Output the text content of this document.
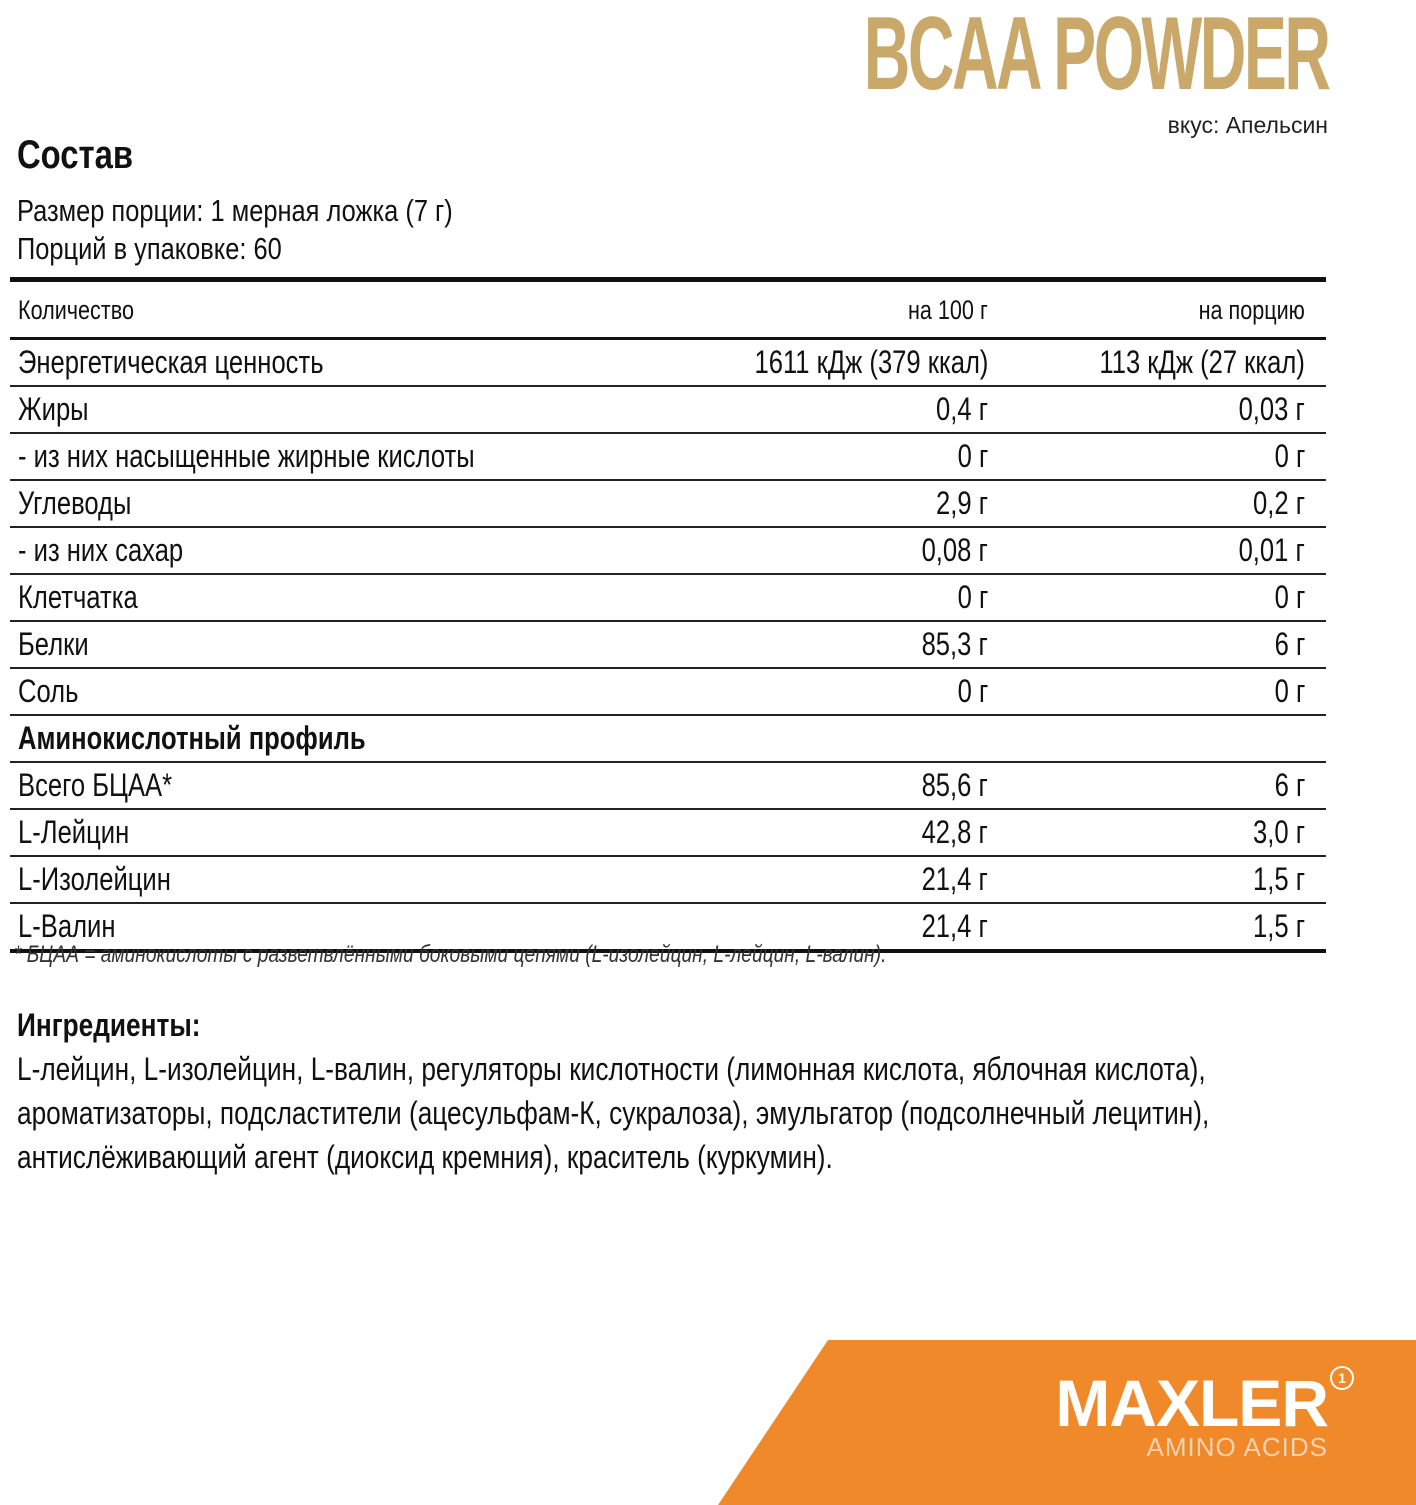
BCAA POWDER
вкус: Апельсин
Состав
Размер порции: 1 мерная ложка (7 г)
Порций в упаковке: 60
Количество	на 100 г	на порцию
Энергетическая ценность	1611 кДж (379 ккал)	113 кДж (27 ккал)
Жиры	0,4 г	0,03 г
- из них насыщенные жирные кислоты	0 г	0 г
Углеводы	2,9 г	0,2 г
- из них сахар	0,08 г	0,01 г
Клетчатка	0 г	0 г
Белки	85,3 г	6 г
Соль	0 г	0 г
Аминокислотный профиль
Всего БЦАА*	85,6 г	6 г
L-Лейцин	42,8 г	3,0 г
L-Изолейцин	21,4 г	1,5 г
L-Валин	21,4 г	1,5 г
* БЦАА = аминокислоты с разветвлёнными боковыми цепями (L-изолейцин, L-лейцин, L-валин).
Ингредиенты:
L-лейцин, L-изолейцин, L-валин, регуляторы кислотности (лимонная кислота, яблочная кислота),
ароматизаторы, подсластители (ацесульфам-К, сукралоза), эмульгатор (подсолнечный лецитин),
антислёживающий агент (диоксид кремния), краситель (куркумин).
MAXLER 1
AMINO ACIDS
